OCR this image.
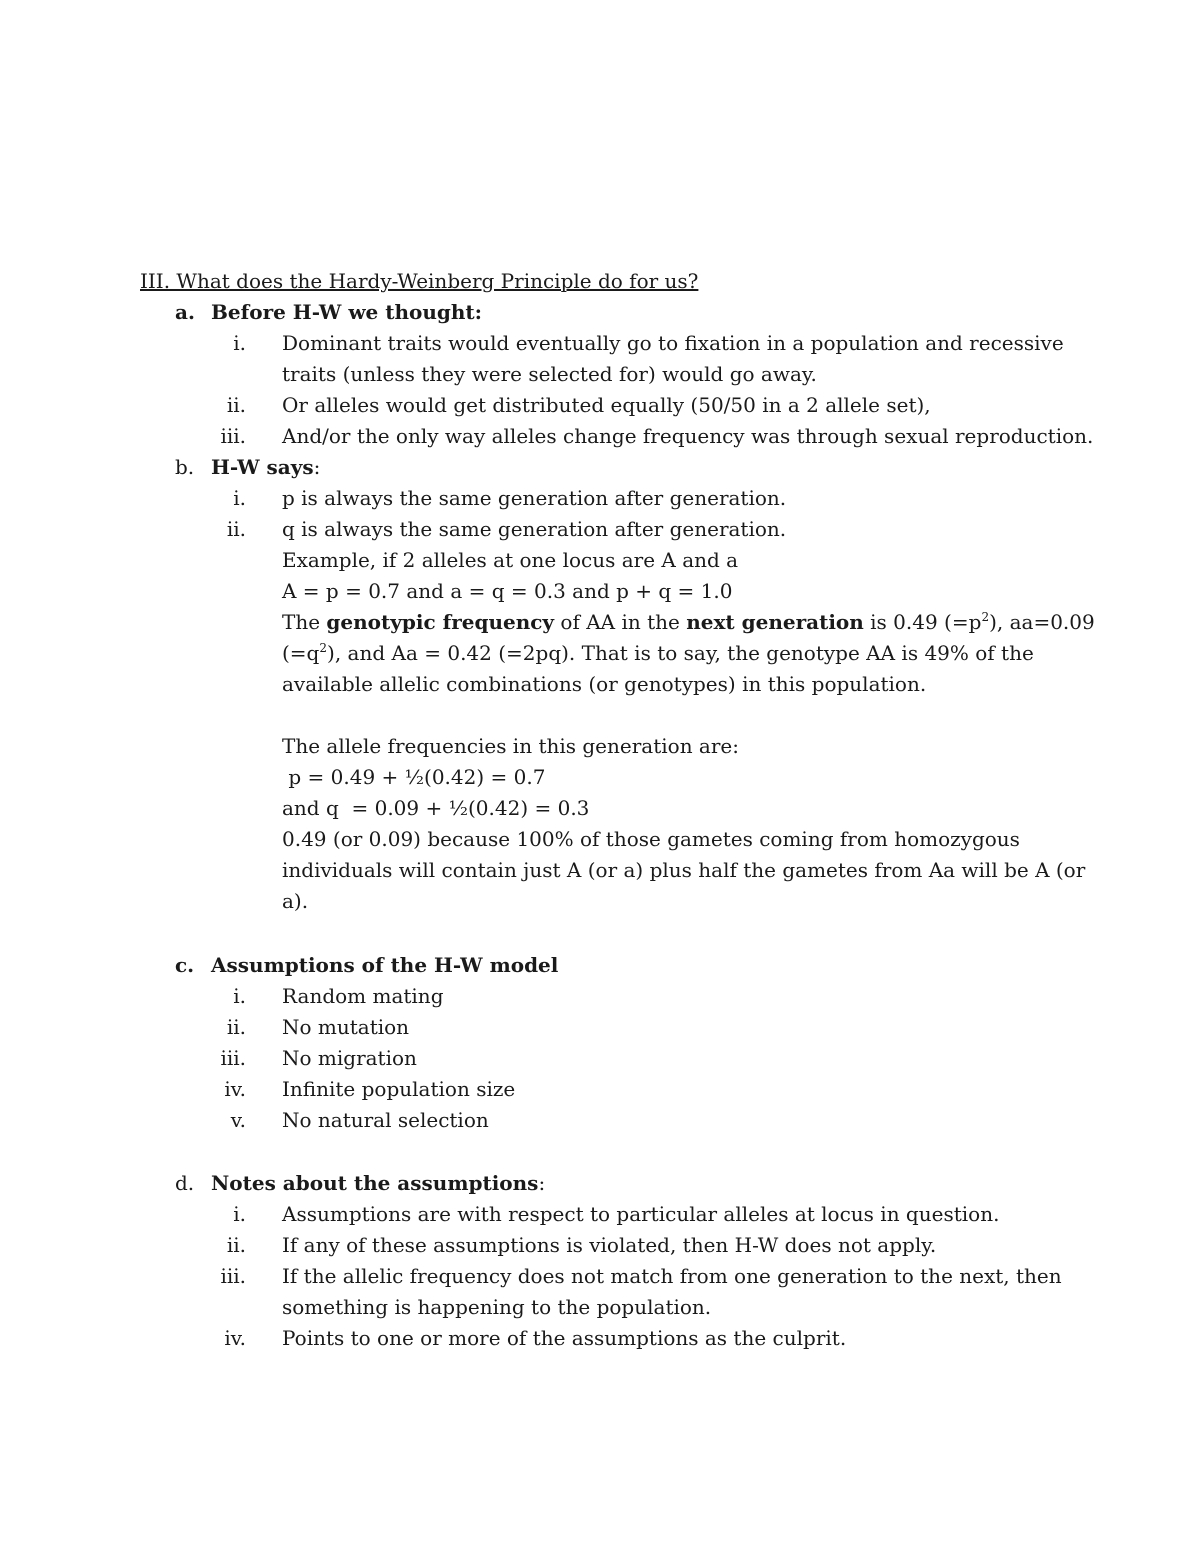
III. What does the Hardy-Weinberg Principle do for us?
a. Before H-W we thought:
i. Dominant traits would eventually go to fixation in a population and recessive
traits (unless they were selected for) would go away.
ii. Or alleles would get distributed equally (50/50 in a 2 allele set),
iii. And/or the only way alleles change frequency was through sexual reproduction.
b. H-W says:
i. p is always the same generation after generation.
ii. q is always the same generation after generation.
Example, if 2 alleles at one locus are A and a
A = p = 0.7 and a = q = 0.3 and p + q = 1.0
The genotypic frequency of AA in the next generation is 0.49 $(=p^2)$, aa=0.09
$(=q^2)$, and Aa = 0.42 (=2pq). That is to say, the genotype AA is 49% of the
available allelic combinations (or genotypes) in this population.
The allele frequencies in this generation are:
p = 0.49 + ½(0.42) = 0.7
and q  = 0.09 + ½(0.42) = 0.3
0.49 (or 0.09) because 100% of those gametes coming from homozygous
individuals will contain just A (or a) plus half the gametes from Aa will be A (or
a).
c. Assumptions of the H-W model
i. Random mating
ii. No mutation
iii. No migration
iv. Infinite population size
v. No natural selection
d. Notes about the assumptions:
i. Assumptions are with respect to particular alleles at locus in question.
ii. If any of these assumptions is violated, then H-W does not apply.
iii. If the allelic frequency does not match from one generation to the next, then
something is happening to the population.
iv. Points to one or more of the assumptions as the culprit.
